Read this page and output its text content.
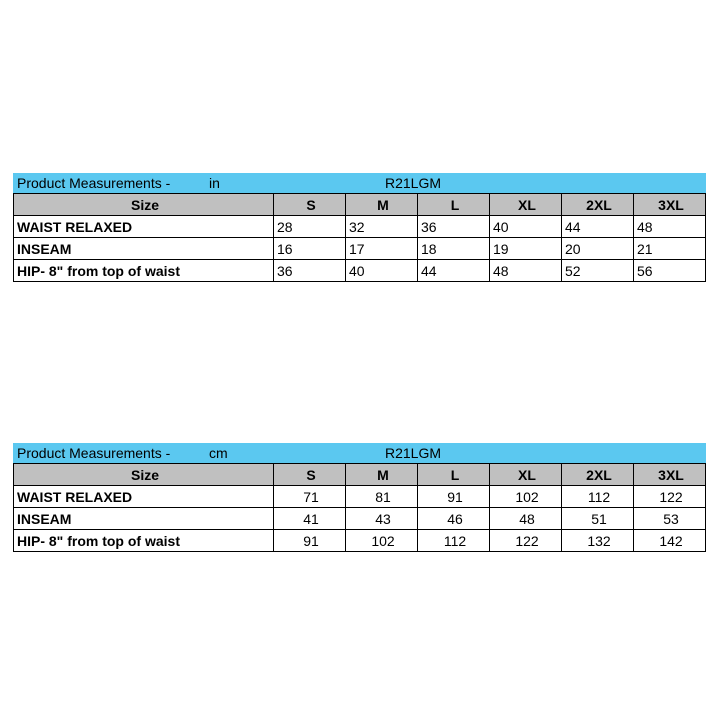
Product Measurements -	in	R21LGM
Size	S	M	L	XL	2XL	3XL
WAIST RELAXED	28	32	36	40	44	48
INSEAM	16	17	18	19	20	21
HIP- 8" from top of waist	36	40	44	48	52	56
Product Measurements -	cm	R21LGM
Size	S	M	L	XL	2XL	3XL
WAIST RELAXED	71	81	91	102	112	122
INSEAM	41	43	46	48	51	53
HIP- 8" from top of waist	91	102	112	122	132	142
